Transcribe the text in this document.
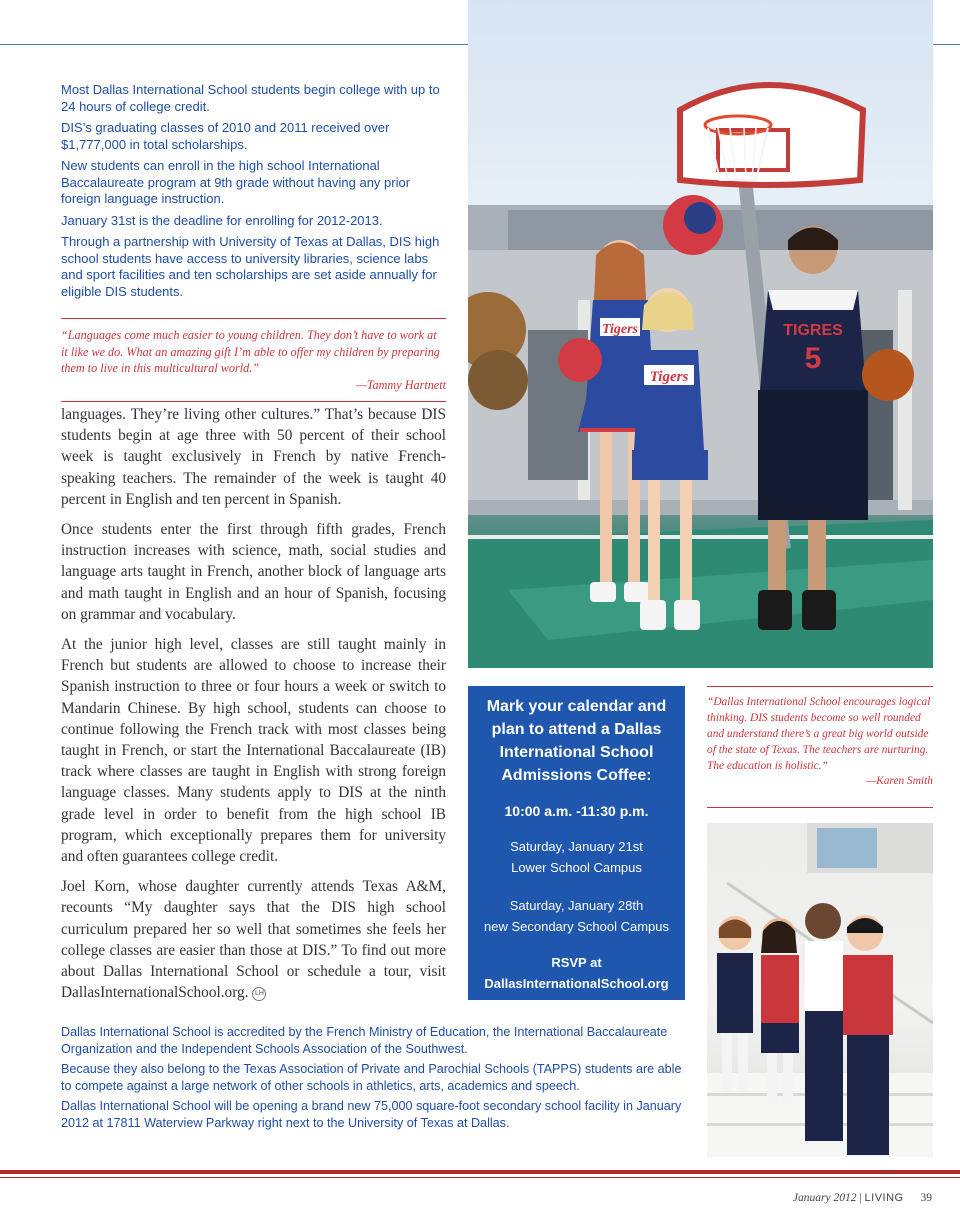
Most Dallas International School students begin college with up to 24 hours of college credit.

DIS’s graduating classes of 2010 and 2011 received over $1,777,000 in total scholarships.

New students can enroll in the high school International Baccalaureate program at 9th grade without having any prior foreign language instruction.

January 31st is the deadline for enrolling for 2012-2013.

Through a partnership with University of Texas at Dallas, DIS high school students have access to university libraries, science labs and sport facilities and ten scholarships are set aside annually for eligible DIS students.

“Languages come much easier to young children. They don’t have to work at it like we do. What an amazing gift I’m able to offer my children by preparing them to live in this multicultural world.”

—Tammy Hartnett

languages. They’re living other cultures.” That’s because DIS students begin at age three with 50 percent of their school week is taught exclusively in French by native French-speaking teachers. The remainder of the week is taught 40 percent in English and ten percent in Spanish.

Once students enter the first through fifth grades, French instruction increases with science, math, social studies and language arts taught in French, another block of language arts and math taught in English and an hour of Spanish, focusing on grammar and vocabulary.

At the junior high level, classes are still taught mainly in French but students are allowed to choose to increase their Spanish instruction to three or four hours a week or switch to Mandarin Chinese. By high school, students can choose to continue following the French track with most classes being taught in French, or start the International Baccalaureate (IB) track where classes are taught in English with strong foreign language classes. Many students apply to DIS at the ninth grade level in order to benefit from the high school IB program, which exceptionally prepares them for university and often guarantees college credit.

Joel Korn, whose daughter currently attends Texas A&M, recounts “My daughter says that the DIS high school curriculum prepared her so well that sometimes she feels her college classes are easier than those at DIS.” To find out more about Dallas International School or schedule a tour, visit DallasInternationalSchool.org. LH

Tigers
Tigers
TIGRES
5
Mark your calendar and plan to attend a Dallas International School Admissions Coffee:
10:00 a.m. -11:30 p.m.
Saturday, January 21st
Lower School Campus
Saturday, January 28th
new Secondary School Campus
RSVP at
DallasInternationalSchool.org

“Dallas International School encourages logical thinking. DIS students become so well rounded and understand there’s a great big world outside of the state of Texas. The teachers are nurturing. The education is holistic.”

—Karen Smith

Dallas International School is accredited by the French Ministry of Education, the International Baccalaureate Organization and the Independent Schools Association of the Southwest.

Because they also belong to the Texas Association of Private and Parochial Schools (TAPPS) students are able to compete against a large network of other schools in athletics, arts, academics and speech.

Dallas International School will be opening a brand new 75,000 square-foot secondary school facility in January 2012 at 17811 Waterview Parkway right next to the University of Texas at Dallas.

January 2012 | LIVING 39
